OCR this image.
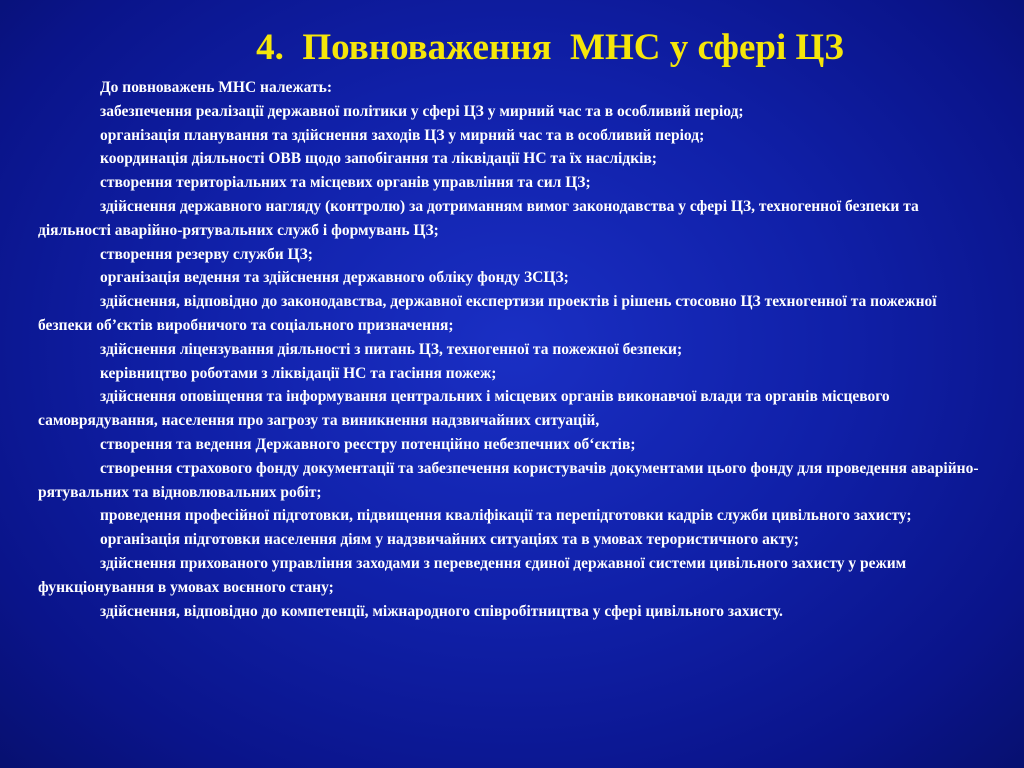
4.  Повноваження  МНС у сфері ЦЗ

До повноважень МНС належать:

забезпечення реалізації державної політики у сфері ЦЗ у мирний час та в особливий період;

організація планування та здійснення заходів ЦЗ у мирний час та в особливий період;

координація діяльності ОВВ щодо запобігання та ліквідації НС та їх наслідків;

створення територіальних та місцевих органів управління та сил ЦЗ;

здійснення державного нагляду (контролю) за дотриманням вимог законодавства у сфері ЦЗ, техногенної безпеки та діяльності аварійно-рятувальних служб і формувань ЦЗ;

створення резерву служби ЦЗ;

організація ведення та здійснення державного обліку фонду ЗСЦЗ;

здійснення, відповідно до законодавства, державної експертизи проектів і рішень стосовно ЦЗ техногенної та пожежної безпеки об’єктів виробничого та соціального призначення;

здійснення ліцензування діяльності з питань ЦЗ, техногенної та пожежної безпеки;

керівництво роботами з ліквідації НС та гасіння пожеж;

здійснення оповіщення та інформування центральних і місцевих органів виконавчої влади та органів місцевого самоврядування, населення про загрозу та виникнення надзвичайних ситуацій,

створення та ведення Державного реєстру потенційно небезпечних об‘єктів;

створення страхового фонду документації та забезпечення користувачів документами цього фонду для проведення аварійно-рятувальних та відновлювальних робіт;

проведення професійної підготовки, підвищення кваліфікації та перепідготовки кадрів служби цивільного захисту;

організація підготовки населення діям у надзвичайних ситуаціях та в умовах терористичного акту;

здійснення прихованого управління заходами з переведення єдиної державної системи цивільного захисту у режим функціонування в умовах воєнного стану;

здійснення, відповідно до компетенції, міжнародного співробітництва у сфері цивільного захисту.
